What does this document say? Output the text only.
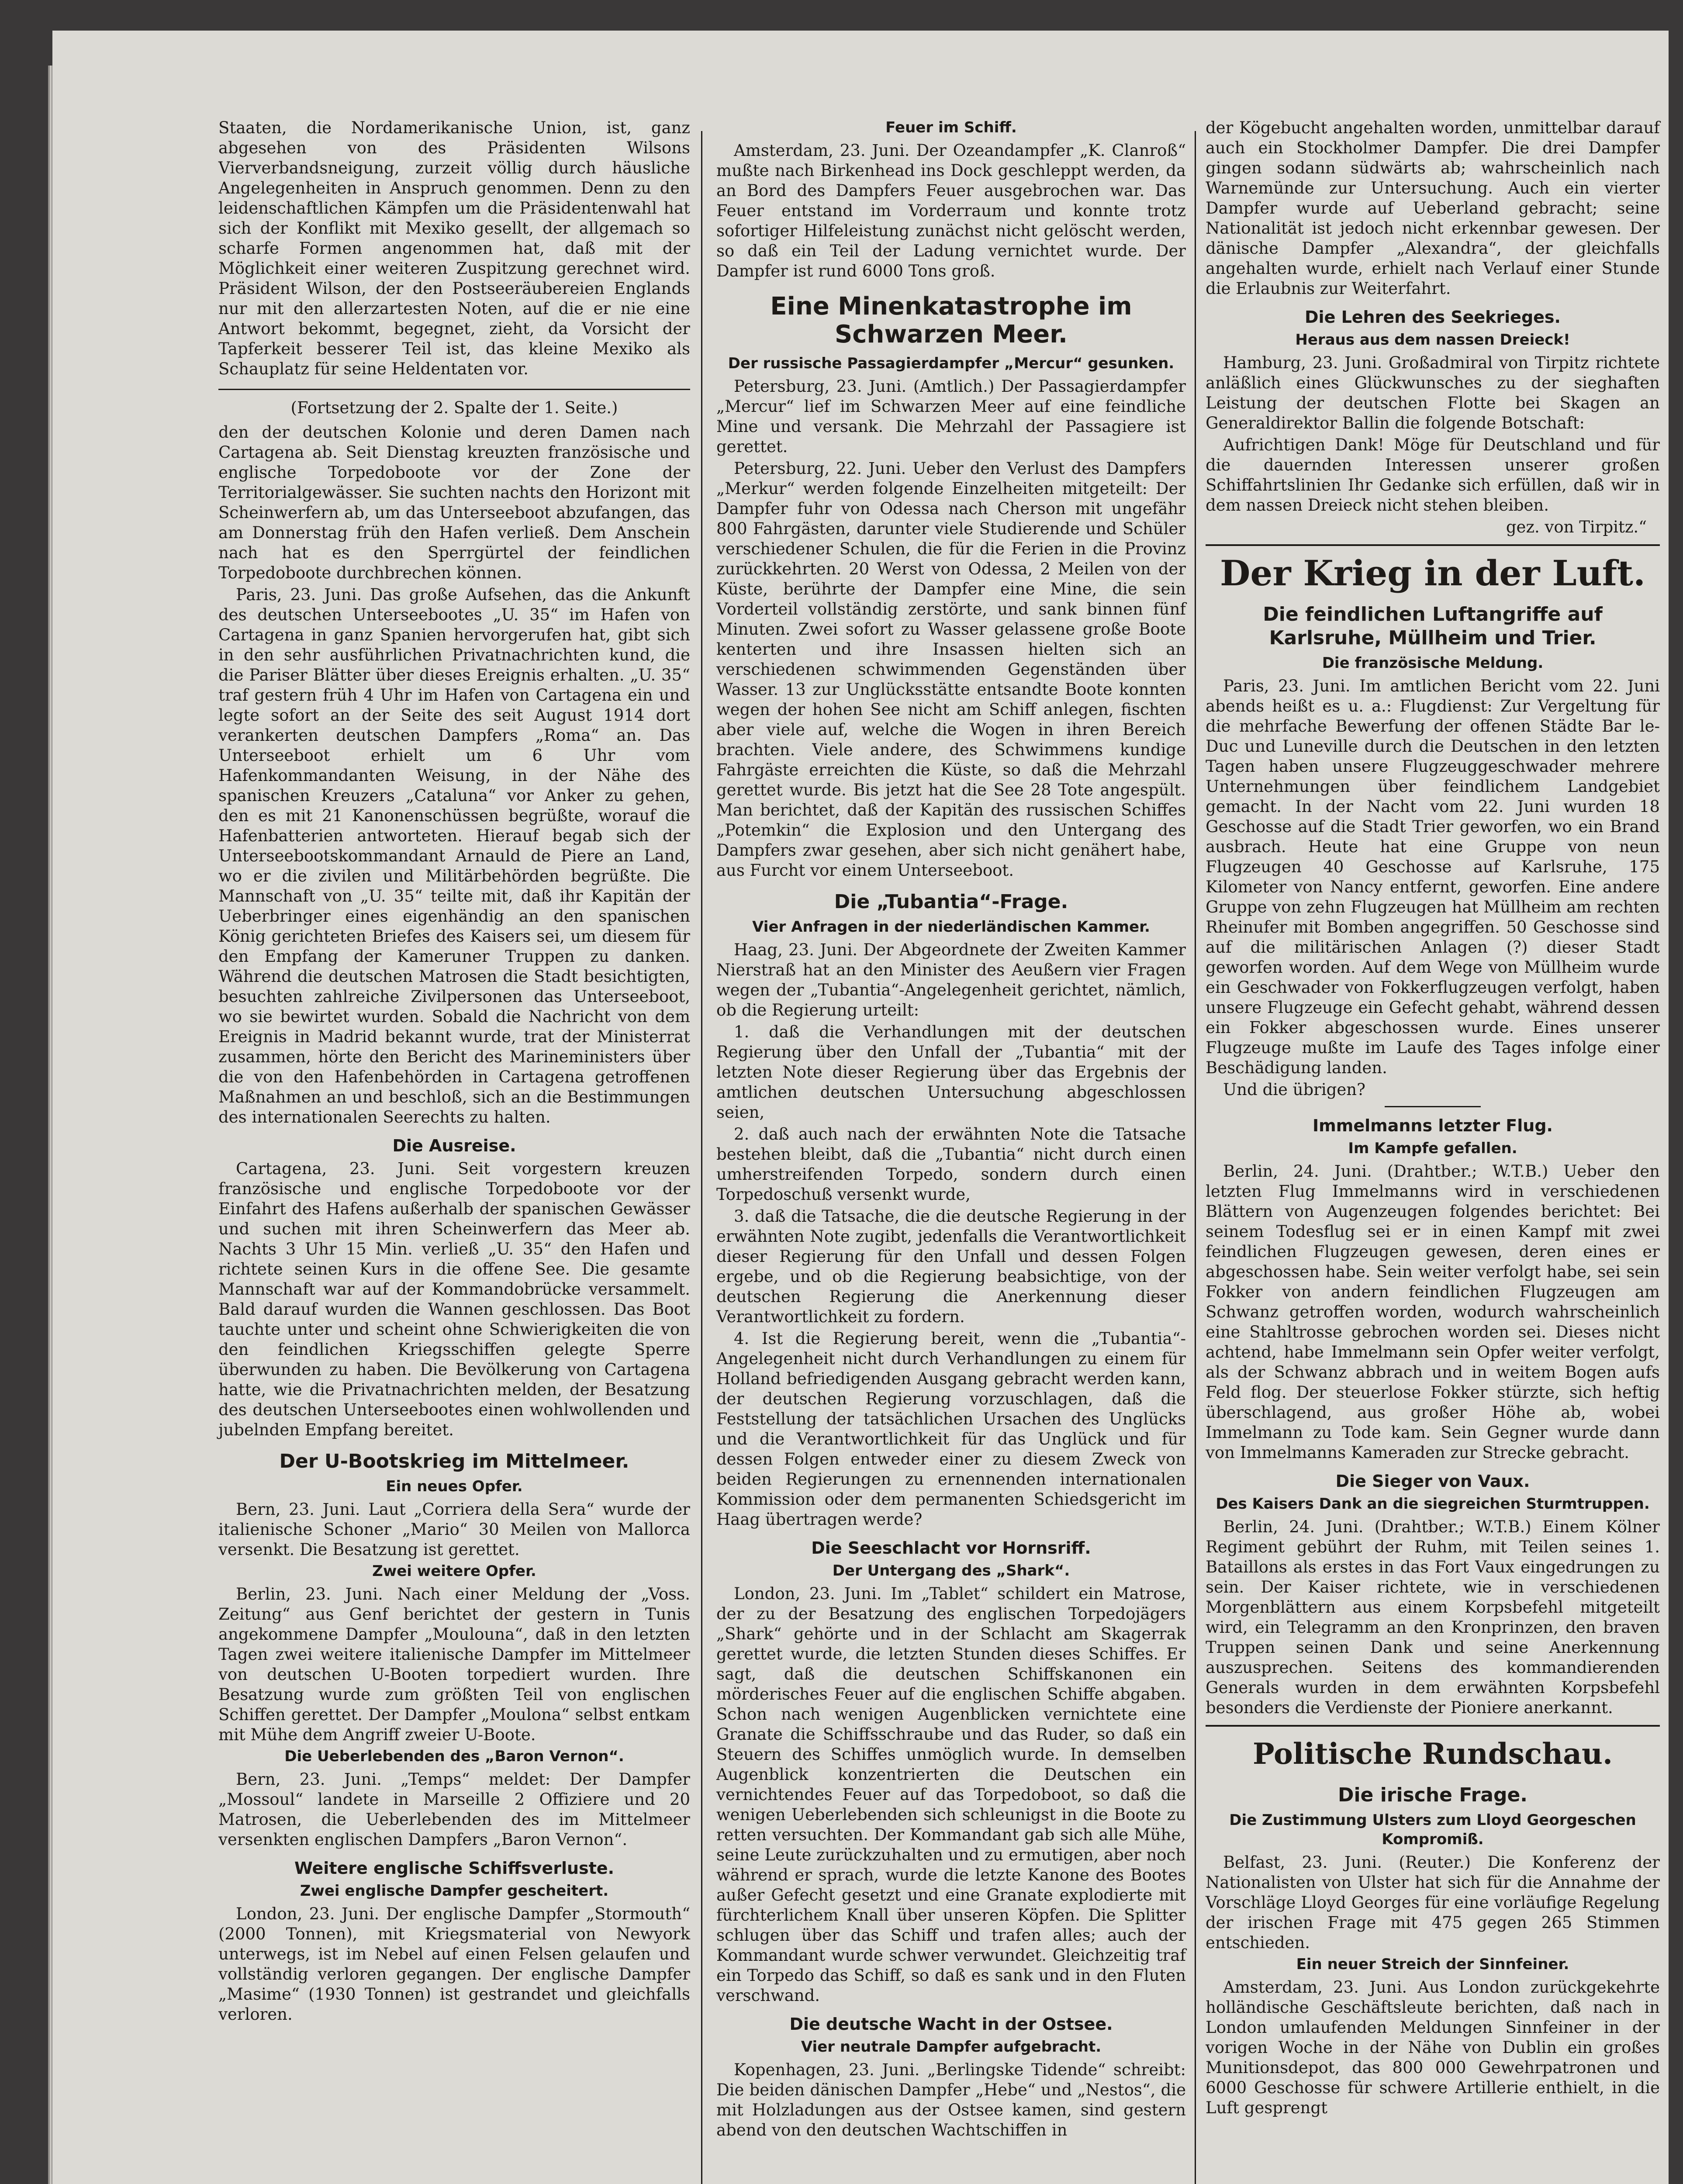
Staaten, die Nordamerikanische Union, ist, ganz abgesehen von des Präsidenten Wilsons Vierverbandsneigung, zurzeit völlig durch häusliche Angelegenheiten in Anspruch genommen. Denn zu den leidenschaftlichen Kämpfen um die Präsidentenwahl hat sich der Konflikt mit Mexiko gesellt, der allgemach so scharfe Formen angenommen hat, daß mit der Möglichkeit einer weiteren Zuspitzung gerechnet wird. Präsident Wilson, der den Postseeräubereien Englands nur mit den allerzartesten Noten, auf die er nie eine Antwort bekommt, begegnet, zieht, da Vorsicht der Tapferkeit besserer Teil ist, das kleine Mexiko als Schauplatz für seine Heldentaten vor.

(Fortsetzung der 2. Spalte der 1. Seite.)

den der deutschen Kolonie und deren Damen nach Cartagena ab. Seit Dienstag kreuzten französische und englische Torpedoboote vor der Zone der Territorialgewässer. Sie suchten nachts den Horizont mit Scheinwerfern ab, um das Unterseeboot abzufangen, das am Donnerstag früh den Hafen verließ. Dem Anschein nach hat es den Sperrgürtel der feindlichen Torpedoboote durchbrechen können.

Paris, 23. Juni. Das große Aufsehen, das die Ankunft des deutschen Unterseebootes „U. 35“ im Hafen von Cartagena in ganz Spanien hervorgerufen hat, gibt sich in den sehr ausführlichen Privatnachrichten kund, die die Pariser Blätter über dieses Ereignis erhalten. „U. 35“ traf gestern früh 4 Uhr im Hafen von Cartagena ein und legte sofort an der Seite des seit August 1914 dort verankerten deutschen Dampfers „Roma“ an. Das Unterseeboot erhielt um 6 Uhr vom Hafenkommandanten Weisung, in der Nähe des spanischen Kreuzers „Cataluna“ vor Anker zu gehen, den es mit 21 Kanonenschüssen begrüßte, worauf die Hafenbatterien antworteten. Hierauf begab sich der Unterseebootskommandant Arnauld de Piere an Land, wo er die zivilen und Militärbehörden begrüßte. Die Mannschaft von „U. 35“ teilte mit, daß ihr Kapitän der Ueberbringer eines eigenhändig an den spanischen König gerichteten Briefes des Kaisers sei, um diesem für den Empfang der Kameruner Truppen zu danken. Während die deutschen Matrosen die Stadt besichtigten, besuchten zahlreiche Zivilpersonen das Unterseeboot, wo sie bewirtet wurden. Sobald die Nachricht von dem Ereignis in Madrid bekannt wurde, trat der Ministerrat zusammen, hörte den Bericht des Marineministers über die von den Hafenbehörden in Cartagena getroffenen Maßnahmen an und beschloß, sich an die Bestimmungen des internationalen Seerechts zu halten.

Die Ausreise.

Cartagena, 23. Juni. Seit vorgestern kreuzen französische und englische Torpedoboote vor der Einfahrt des Hafens außerhalb der spanischen Gewässer und suchen mit ihren Scheinwerfern das Meer ab. Nachts 3 Uhr 15 Min. verließ „U. 35“ den Hafen und richtete seinen Kurs in die offene See. Die gesamte Mannschaft war auf der Kommandobrücke versammelt. Bald darauf wurden die Wannen geschlossen. Das Boot tauchte unter und scheint ohne Schwierigkeiten die von den feindlichen Kriegsschiffen gelegte Sperre überwunden zu haben. Die Bevölkerung von Cartagena hatte, wie die Privatnachrichten melden, der Besatzung des deutschen Unterseebootes einen wohlwollenden und jubelnden Empfang bereitet.

Der U-Bootskrieg im Mittelmeer.
Ein neues Opfer.

Bern, 23. Juni. Laut „Corriera della Sera“ wurde der italienische Schoner „Mario“ 30 Meilen von Mallorca versenkt. Die Besatzung ist gerettet.

Zwei weitere Opfer.

Berlin, 23. Juni. Nach einer Meldung der „Voss. Zeitung“ aus Genf berichtet der gestern in Tunis angekommene Dampfer „Moulouna“, daß in den letzten Tagen zwei weitere italienische Dampfer im Mittelmeer von deutschen U-Booten torpediert wurden. Ihre Besatzung wurde zum größten Teil von englischen Schiffen gerettet. Der Dampfer „Moulona“ selbst entkam mit Mühe dem Angriff zweier U-Boote.

Die Ueberlebenden des „Baron Vernon“.

Bern, 23. Juni. „Temps“ meldet: Der Dampfer „Mossoul“ landete in Marseille 2 Offiziere und 20 Matrosen, die Ueberlebenden des im Mittelmeer versenkten englischen Dampfers „Baron Vernon“.

Weitere englische Schiffsverluste.
Zwei englische Dampfer gescheitert.

London, 23. Juni. Der englische Dampfer „Stormouth“ (2000 Tonnen), mit Kriegsmaterial von Newyork unterwegs, ist im Nebel auf einen Felsen gelaufen und vollständig verloren gegangen. Der englische Dampfer „Masime“ (1930 Tonnen) ist gestrandet und gleichfalls verloren.

Feuer im Schiff.

Amsterdam, 23. Juni. Der Ozeandampfer „K. Clanroß“ mußte nach Birkenhead ins Dock geschleppt werden, da an Bord des Dampfers Feuer ausgebrochen war. Das Feuer entstand im Vorderraum und konnte trotz sofortiger Hilfeleistung zunächst nicht gelöscht werden, so daß ein Teil der Ladung vernichtet wurde. Der Dampfer ist rund 6000 Tons groß.

Eine Minenkatastrophe im Schwarzen Meer.
Der russische Passagierdampfer „Mercur“ gesunken.

Petersburg, 23. Juni. (Amtlich.) Der Passagierdampfer „Mercur“ lief im Schwarzen Meer auf eine feindliche Mine und versank. Die Mehrzahl der Passagiere ist gerettet.

Petersburg, 22. Juni. Ueber den Verlust des Dampfers „Merkur“ werden folgende Einzelheiten mitgeteilt: Der Dampfer fuhr von Odessa nach Cherson mit ungefähr 800 Fahrgästen, darunter viele Studierende und Schüler verschiedener Schulen, die für die Ferien in die Provinz zurückkehrten. 20 Werst von Odessa, 2 Meilen von der Küste, berührte der Dampfer eine Mine, die sein Vorderteil vollständig zerstörte, und sank binnen fünf Minuten. Zwei sofort zu Wasser gelassene große Boote kenterten und ihre Insassen hielten sich an verschiedenen schwimmenden Gegenständen über Wasser. 13 zur Unglücksstätte entsandte Boote konnten wegen der hohen See nicht am Schiff anlegen, fischten aber viele auf, welche die Wogen in ihren Bereich brachten. Viele andere, des Schwimmens kundige Fahrgäste erreichten die Küste, so daß die Mehrzahl gerettet wurde. Bis jetzt hat die See 28 Tote angespült. Man berichtet, daß der Kapitän des russischen Schiffes „Potemkin“ die Explosion und den Untergang des Dampfers zwar gesehen, aber sich nicht genähert habe, aus Furcht vor einem Unterseeboot.

Die „Tubantia“-Frage.
Vier Anfragen in der niederländischen Kammer.

Haag, 23. Juni. Der Abgeordnete der Zweiten Kammer Nierstraß hat an den Minister des Aeußern vier Fragen wegen der „Tubantia“-Angelegenheit gerichtet, nämlich, ob die Regierung urteilt:

1. daß die Verhandlungen mit der deutschen Regierung über den Unfall der „Tubantia“ mit der letzten Note dieser Regierung über das Ergebnis der amtlichen deutschen Untersuchung abgeschlossen seien,

2. daß auch nach der erwähnten Note die Tatsache bestehen bleibt, daß die „Tubantia“ nicht durch einen umherstreifenden Torpedo, sondern durch einen Torpedoschuß versenkt wurde,

3. daß die Tatsache, die die deutsche Regierung in der erwähnten Note zugibt, jedenfalls die Verantwortlichkeit dieser Regierung für den Unfall und dessen Folgen ergebe, und ob die Regierung beabsichtige, von der deutschen Regierung die Anerkennung dieser Verantwortlichkeit zu fordern.

4. Ist die Regierung bereit, wenn die „Tubantia“-Angelegenheit nicht durch Verhandlungen zu einem für Holland befriedigenden Ausgang gebracht werden kann, der deutschen Regierung vorzuschlagen, daß die Feststellung der tatsächlichen Ursachen des Unglücks und die Verantwortlichkeit für das Unglück und für dessen Folgen entweder einer zu diesem Zweck von beiden Regierungen zu ernennenden internationalen Kommission oder dem permanenten Schiedsgericht im Haag übertragen werde?

Die Seeschlacht vor Hornsriff.
Der Untergang des „Shark“.

London, 23. Juni. Im „Tablet“ schildert ein Matrose, der zu der Besatzung des englischen Torpedojägers „Shark“ gehörte und in der Schlacht am Skagerrak gerettet wurde, die letzten Stunden dieses Schiffes. Er sagt, daß die deutschen Schiffskanonen ein mörderisches Feuer auf die englischen Schiffe abgaben. Schon nach wenigen Augenblicken vernichtete eine Granate die Schiffsschraube und das Ruder, so daß ein Steuern des Schiffes unmöglich wurde. In demselben Augenblick konzentrierten die Deutschen ein vernichtendes Feuer auf das Torpedoboot, so daß die wenigen Ueberlebenden sich schleunigst in die Boote zu retten versuchten. Der Kommandant gab sich alle Mühe, seine Leute zurückzuhalten und zu ermutigen, aber noch während er sprach, wurde die letzte Kanone des Bootes außer Gefecht gesetzt und eine Granate explodierte mit fürchterlichem Knall über unseren Köpfen. Die Splitter schlugen über das Schiff und trafen alles; auch der Kommandant wurde schwer verwundet. Gleichzeitig traf ein Torpedo das Schiff, so daß es sank und in den Fluten verschwand.

Die deutsche Wacht in der Ostsee.
Vier neutrale Dampfer aufgebracht.

Kopenhagen, 23. Juni. „Berlingske Tidende“ schreibt: Die beiden dänischen Dampfer „Hebe“ und „Nestos“, die mit Holzladungen aus der Ostsee kamen, sind gestern abend von den deutschen Wachtschiffen in

der Kögebucht angehalten worden, unmittelbar darauf auch ein Stockholmer Dampfer. Die drei Dampfer gingen sodann südwärts ab; wahrscheinlich nach Warnemünde zur Untersuchung. Auch ein vierter Dampfer wurde auf Ueberland gebracht; seine Nationalität ist jedoch nicht erkennbar gewesen. Der dänische Dampfer „Alexandra“, der gleichfalls angehalten wurde, erhielt nach Verlauf einer Stunde die Erlaubnis zur Weiterfahrt.

Die Lehren des Seekrieges.
Heraus aus dem nassen Dreieck!

Hamburg, 23. Juni. Großadmiral von Tirpitz richtete anläßlich eines Glückwunsches zu der sieghaften Leistung der deutschen Flotte bei Skagen an Generaldirektor Ballin die folgende Botschaft:

Aufrichtigen Dank! Möge für Deutschland und für die dauernden Interessen unserer großen Schiffahrtslinien Ihr Gedanke sich erfüllen, daß wir in dem nassen Dreieck nicht stehen bleiben.

gez. von Tirpitz.“

Der Krieg in der Luft.
Die feindlichen Luftangriffe auf Karlsruhe, Müllheim und Trier.
Die französische Meldung.

Paris, 23. Juni. Im amtlichen Bericht vom 22. Juni abends heißt es u. a.: Flugdienst: Zur Vergeltung für die mehrfache Bewerfung der offenen Städte Bar le-Duc und Luneville durch die Deutschen in den letzten Tagen haben unsere Flugzeuggeschwader mehrere Unternehmungen über feindlichem Landgebiet gemacht. In der Nacht vom 22. Juni wurden 18 Geschosse auf die Stadt Trier geworfen, wo ein Brand ausbrach. Heute hat eine Gruppe von neun Flugzeugen 40 Geschosse auf Karlsruhe, 175 Kilometer von Nancy entfernt, geworfen. Eine andere Gruppe von zehn Flugzeugen hat Müllheim am rechten Rheinufer mit Bomben angegriffen. 50 Geschosse sind auf die militärischen Anlagen (?) dieser Stadt geworfen worden. Auf dem Wege von Müllheim wurde ein Geschwader von Fokkerflugzeugen verfolgt, haben unsere Flugzeuge ein Gefecht gehabt, während dessen ein Fokker abgeschossen wurde. Eines unserer Flugzeuge mußte im Laufe des Tages infolge einer Beschädigung landen.

Und die übrigen?

Immelmanns letzter Flug.
Im Kampfe gefallen.

Berlin, 24. Juni. (Drahtber.; W.T.B.) Ueber den letzten Flug Immelmanns wird in verschiedenen Blättern von Augenzeugen folgendes berichtet: Bei seinem Todesflug sei er in einen Kampf mit zwei feindlichen Flugzeugen gewesen, deren eines er abgeschossen habe. Sein weiter verfolgt habe, sei sein Fokker von andern feindlichen Flugzeugen am Schwanz getroffen worden, wodurch wahrscheinlich eine Stahltrosse gebrochen worden sei. Dieses nicht achtend, habe Immelmann sein Opfer weiter verfolgt, als der Schwanz abbrach und in weitem Bogen aufs Feld flog. Der steuerlose Fokker stürzte, sich heftig überschlagend, aus großer Höhe ab, wobei Immelmann zu Tode kam. Sein Gegner wurde dann von Immelmanns Kameraden zur Strecke gebracht.

Die Sieger von Vaux.
Des Kaisers Dank an die siegreichen Sturmtruppen.

Berlin, 24. Juni. (Drahtber.; W.T.B.) Einem Kölner Regiment gebührt der Ruhm, mit Teilen seines 1. Bataillons als erstes in das Fort Vaux eingedrungen zu sein. Der Kaiser richtete, wie in verschiedenen Morgenblättern aus einem Korpsbefehl mitgeteilt wird, ein Telegramm an den Kronprinzen, den braven Truppen seinen Dank und seine Anerkennung auszusprechen. Seitens des kommandierenden Generals wurden in dem erwähnten Korpsbefehl besonders die Verdienste der Pioniere anerkannt.

Politische Rundschau.
Die irische Frage.
Die Zustimmung Ulsters zum Lloyd Georgeschen Kompromiß.

Belfast, 23. Juni. (Reuter.) Die Konferenz der Nationalisten von Ulster hat sich für die Annahme der Vorschläge Lloyd Georges für eine vorläufige Regelung der irischen Frage mit 475 gegen 265 Stimmen entschieden.

Ein neuer Streich der Sinnfeiner.

Amsterdam, 23. Juni. Aus London zurückgekehrte holländische Geschäftsleute berichten, daß nach in London umlaufenden Meldungen Sinnfeiner in der vorigen Woche in der Nähe von Dublin ein großes Munitionsdepot, das 800 000 Gewehrpatronen und 6000 Geschosse für schwere Artillerie enthielt, in die Luft gesprengt
